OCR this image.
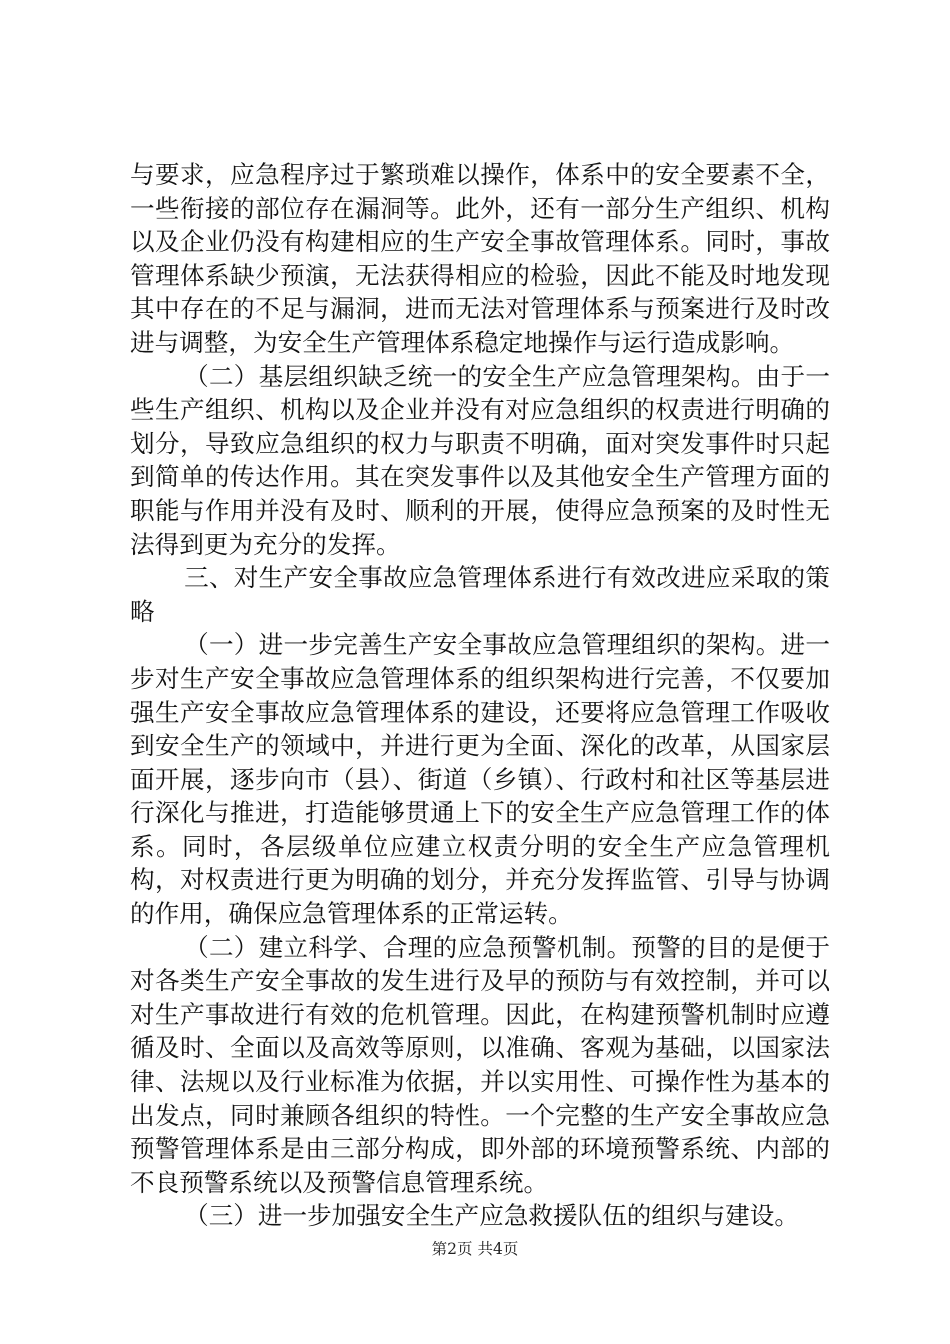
与要求，应急程序过于繁琐难以操作，体系中的安全要素不全，一些衔接的部位存在漏洞等。此外，还有一部分生产组织、机构以及企业仍没有构建相应的生产安全事故管理体系。同时，事故管理体系缺少预演，无法获得相应的检验，因此不能及时地发现其中存在的不足与漏洞，进而无法对管理体系与预案进行及时改进与调整，为安全生产管理体系稳定地操作与运行造成影响。

（二）基层组织缺乏统一的安全生产应急管理架构。由于一些生产组织、机构以及企业并没有对应急组织的权责进行明确的划分，导致应急组织的权力与职责不明确，面对突发事件时只起到简单的传达作用。其在突发事件以及其他安全生产管理方面的职能与作用并没有及时、顺利的开展，使得应急预案的及时性无法得到更为充分的发挥。

三、对生产安全事故应急管理体系进行有效改进应采取的策略

（一）进一步完善生产安全事故应急管理组织的架构。进一步对生产安全事故应急管理体系的组织架构进行完善，不仅要加强生产安全事故应急管理体系的建设，还要将应急管理工作吸收到安全生产的领域中，并进行更为全面、深化的改革，从国家层面开展，逐步向市（县）、街道（乡镇）、行政村和社区等基层进行深化与推进，打造能够贯通上下的安全生产应急管理工作的体系。同时，各层级单位应建立权责分明的安全生产应急管理机构，对权责进行更为明确的划分，并充分发挥监管、引导与协调的作用，确保应急管理体系的正常运转。

（二）建立科学、合理的应急预警机制。预警的目的是便于对各类生产安全事故的发生进行及早的预防与有效控制，并可以对生产事故进行有效的危机管理。因此，在构建预警机制时应遵循及时、全面以及高效等原则，以准确、客观为基础，以国家法律、法规以及行业标准为依据，并以实用性、可操作性为基本的出发点，同时兼顾各组织的特性。一个完整的生产安全事故应急预警管理体系是由三部分构成，即外部的环境预警系统、内部的不良预警系统以及预警信息管理系统。

（三）进一步加强安全生产应急救援队伍的组织与建设。

第2页 共4页
